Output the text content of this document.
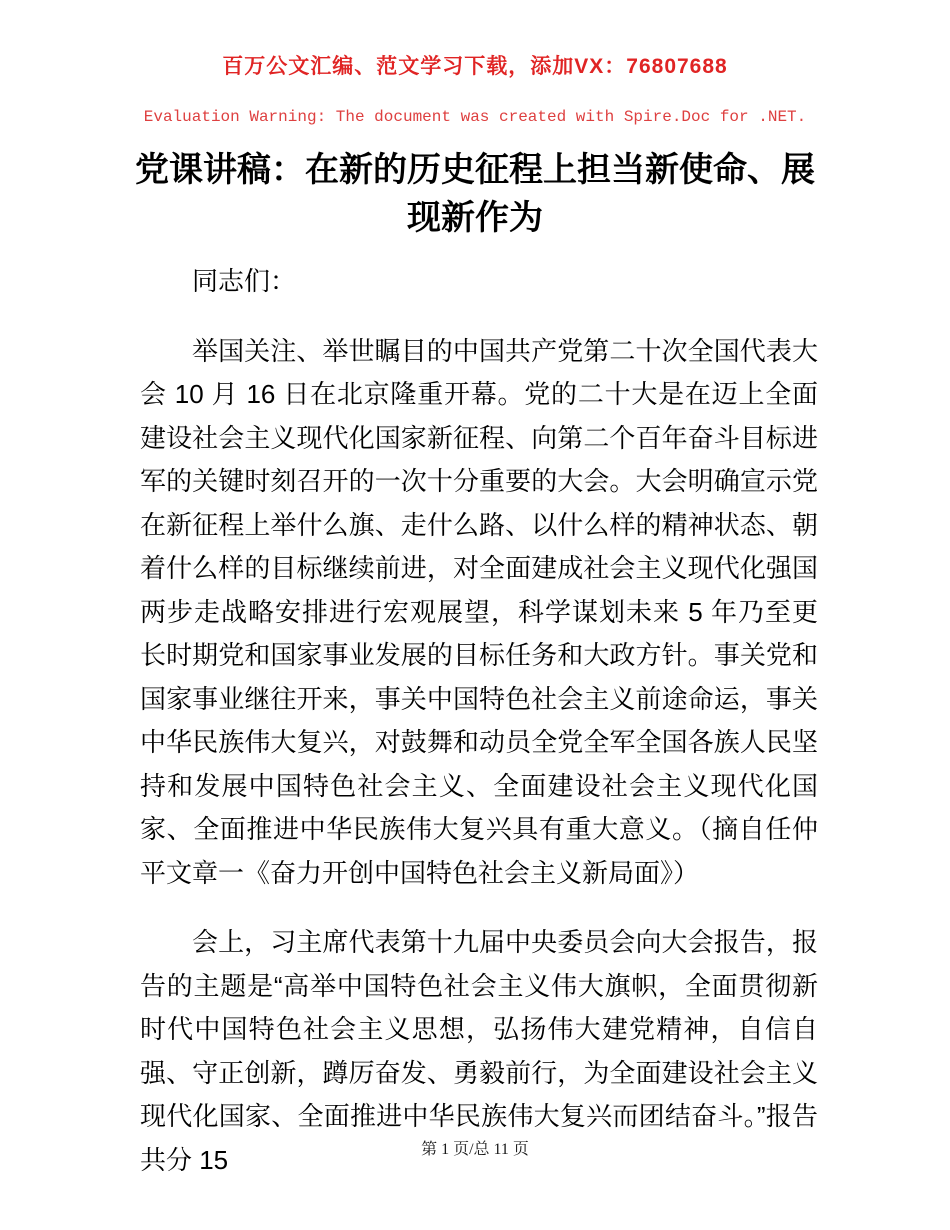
百万公文汇编、范文学习下载，添加VX：76807688
Evaluation Warning: The document was created with Spire.Doc for .NET.
党课讲稿：在新的历史征程上担当新使命、展现新作为

同志们：

举国关注、举世瞩目的中国共产党第二十次全国代表大会 10 月 16 日在北京隆重开幕。党的二十大是在迈上全面建设社会主义现代化国家新征程、向第二个百年奋斗目标进军的关键时刻召开的一次十分重要的大会。大会明确宣示党在新征程上举什么旗、走什么路、以什么样的精神状态、朝着什么样的目标继续前进，对全面建成社会主义现代化强国两步走战略安排进行宏观展望，科学谋划未来 5 年乃至更长时期党和国家事业发展的目标任务和大政方针。事关党和国家事业继往开来，事关中国特色社会主义前途命运，事关中华民族伟大复兴，对鼓舞和动员全党全军全国各族人民坚持和发展中国特色社会主义、全面建设社会主义现代化国家、全面推进中华民族伟大复兴具有重大意义。（摘自任仲平文章一《奋力开创中国特色社会主义新局面》）

会上，习主席代表第十九届中央委员会向大会报告，报告的主题是“高举中国特色社会主义伟大旗帜，全面贯彻新时代中国特色社会主义思想，弘扬伟大建党精神，自信自强、守正创新，蹲厉奋发、勇毅前行，为全面建设社会主义现代化国家、全面推进中华民族伟大复兴而团结奋斗。”报告共分 15	第 1 页/总 11 页
